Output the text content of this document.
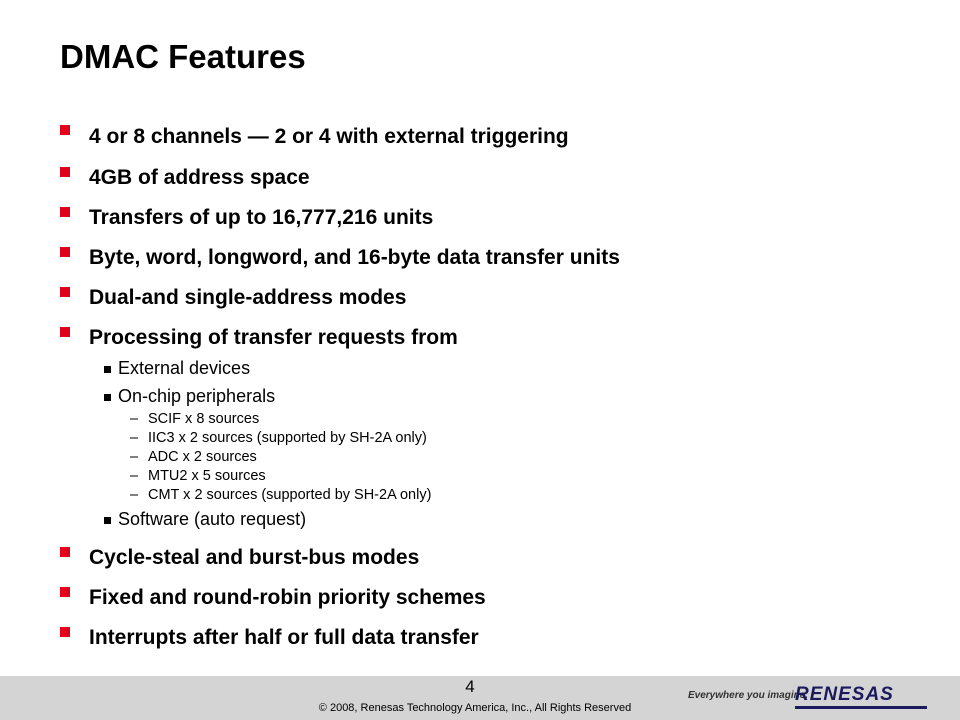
DMAC Features
4 or 8 channels — 2 or 4 with external triggering
4GB of address space
Transfers of up to 16,777,216 units
Byte, word, longword, and 16-byte data transfer units
Dual-and single-address modes
Processing of transfer requests from
External devices
On-chip peripherals
– SCIF x 8 sources
– IIC3 x 2 sources (supported by SH-2A only)
– ADC x 2 sources
– MTU2 x 5 sources
– CMT x 2 sources (supported by SH-2A only)
Software (auto request)
Cycle-steal and burst-bus modes
Fixed and round-robin priority schemes
Interrupts after half or full data transfer
4
© 2008, Renesas Technology America, Inc., All Rights Reserved
Everywhere you imagine.
RENESAS
